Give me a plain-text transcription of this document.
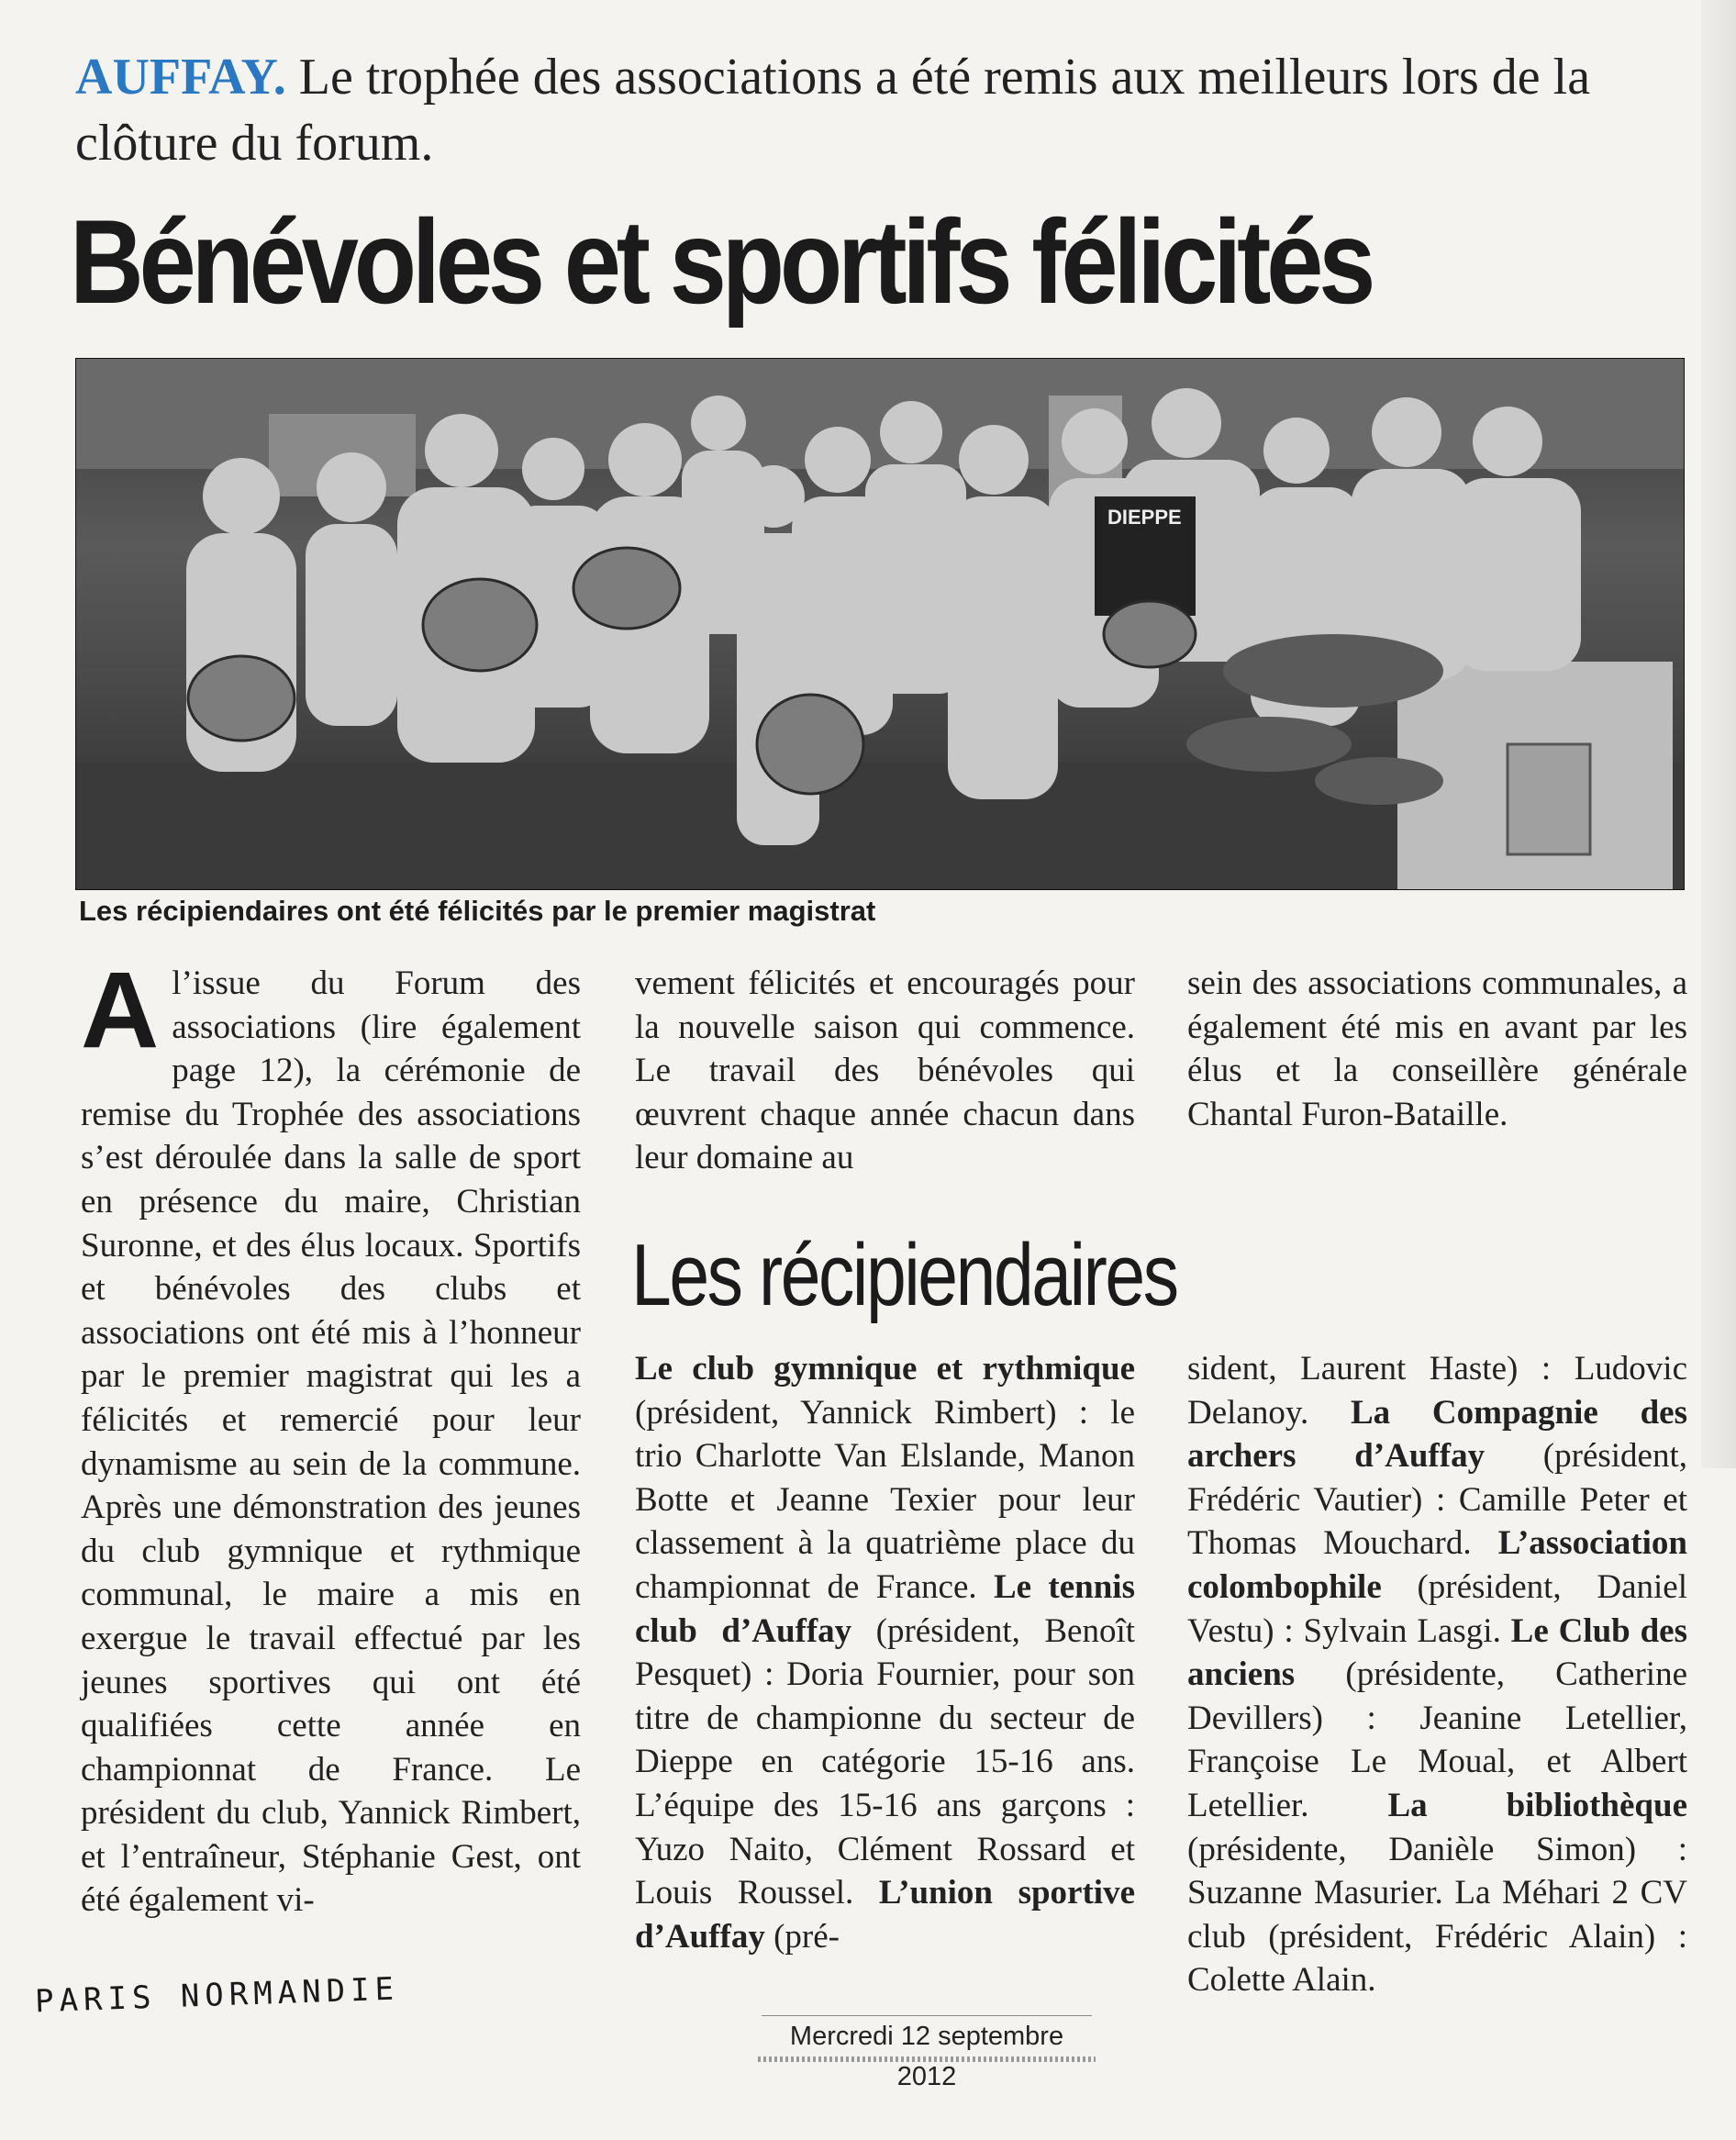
AUFFAY. Le trophée des associations a été remis aux meilleurs lors de la clôture du forum.
Bénévoles et sportifs félicités
DIEPPE
Les récipiendaires ont été félicités par le premier magistrat
A l’issue du Forum des associations (lire également page 12), la cérémonie de remise du Trophée des associations s’est déroulée dans la salle de sport en présence du maire, Christian Suronne, et des élus locaux. Sportifs et bénévoles des clubs et associations ont été mis à l’honneur par le premier magistrat qui les a félicités et remercié pour leur dynamisme au sein de la commune. Après une démonstration des jeunes du club gymnique et rythmique communal, le maire a mis en exergue le travail effectué par les jeunes sportives qui ont été qualifiées cette année en championnat de France. Le président du club, Yannick Rimbert, et l’entraîneur, Stéphanie Gest, ont été également vi-

vement félicités et encouragés pour la nouvelle saison qui commence. Le travail des bénévoles qui œuvrent chaque année chacun dans leur domaine au

sein des associations communales, a également été mis en avant par les élus et la conseillère générale Chantal Furon-Bataille.

Les récipiendaires

Le club gymnique et rythmique (président, Yannick Rimbert) : le trio Charlotte Van Elslande, Manon Botte et Jeanne Texier pour leur classement à la quatrième place du championnat de France. Le tennis club d’Auffay (président, Benoît Pesquet) : Doria Fournier, pour son titre de championne du secteur de Dieppe en catégorie 15-16 ans. L’équipe des 15-16 ans garçons : Yuzo Naito, Clément Rossard et Louis Roussel. L’union sportive d’Auffay (pré-

sident, Laurent Haste) : Ludovic Delanoy. La Compagnie des archers d’Auffay (président, Frédéric Vautier) : Camille Peter et Thomas Mouchard. L’association colombophile (président, Daniel Vestu) : Sylvain Lasgi. Le Club des anciens (présidente, Catherine Devillers) : Jeanine Letellier, Françoise Le Moual, et Albert Letellier. La bibliothèque (présidente, Danièle Simon) : Suzanne Masurier. La Méhari 2 CV club (président, Frédéric Alain) : Colette Alain.

PARIS NORMANDIE
Mercredi 12 septembre 2012
